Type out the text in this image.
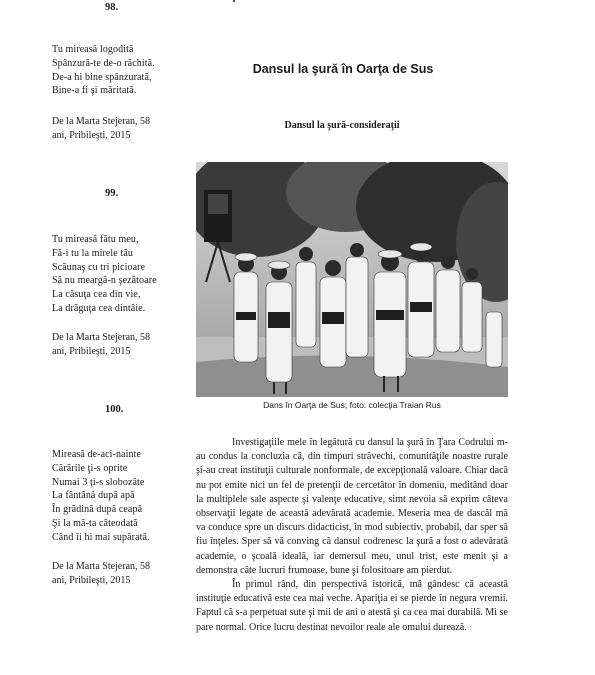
98.
Tu mireasă logodită
Spânzură-te de-o răchită.
De-a hi bine spânzurată,
Bine-a fi şi măritată.
De la Marta Stejeran, 58
ani, Pribileşti, 2015
99.
Tu mireasă fătu meu,
Fă-i tu la mirele tău
Scăunaş cu tri picioare
Să nu meargă-n şezătoare
La căsuţa cea din vie,
La drăguţa cea dintâie.
De la Marta Stejeran, 58
ani, Pribileşti, 2015
100.
Mireasă de-aci-nainte
Cărările ţi-s oprite
Numai 3 ţi-s slobozâte
La fântână după apă
În grădină după ceapă
Şi la mă-ta câteodată
Când îi hi mai supărată.
De la Marta Stejeran, 58
ani, Pribileşti, 2015
Dansul la şură în Oarţa de Sus
Dansul la şură-consideraţii
Dans în Oarţa de Sus; foto: colecţia Traian Rus

Investigaţiile mele în legătură cu dansul la şură în Ţara Codrului m-au condus la concluzia că, din timpuri străvechi, comunităţile noastre rurale şi-au creat instituţii culturale nonformale, de excepţională valoare. Chiar dacă nu pot emite nici un fel de pretenţii de cercetător în domeniu, meditând doar la multiplele sale aspecte şi valenţe educative, simt nevoia să exprim câteva observaţii legate de această adevărată academie. Meseria mea de dascăl mă va conduce spre un discurs didacticist, în mod subiectiv, probabil, dar sper să fiu înţeles. Sper să vă conving că dansul codrenesc la şură a fost o adevărată academie, o şcoală ideală, iar demersul meu, unul trist, este menit şi a demonstra câte lucruri frumoase, bune şi folositoare am pierdut.

În primul rând, din perspectivă istorică, mă gândesc că această instituţie educativă este cea mai veche. Apariţia ei se pierde în negura vremii. Faptul că s-a perpetuat sute şi mii de ani o atestă şi ca cea mai durabilă. Mi se pare normal. Orice lucru destinat nevoilor reale ale omului durează.
